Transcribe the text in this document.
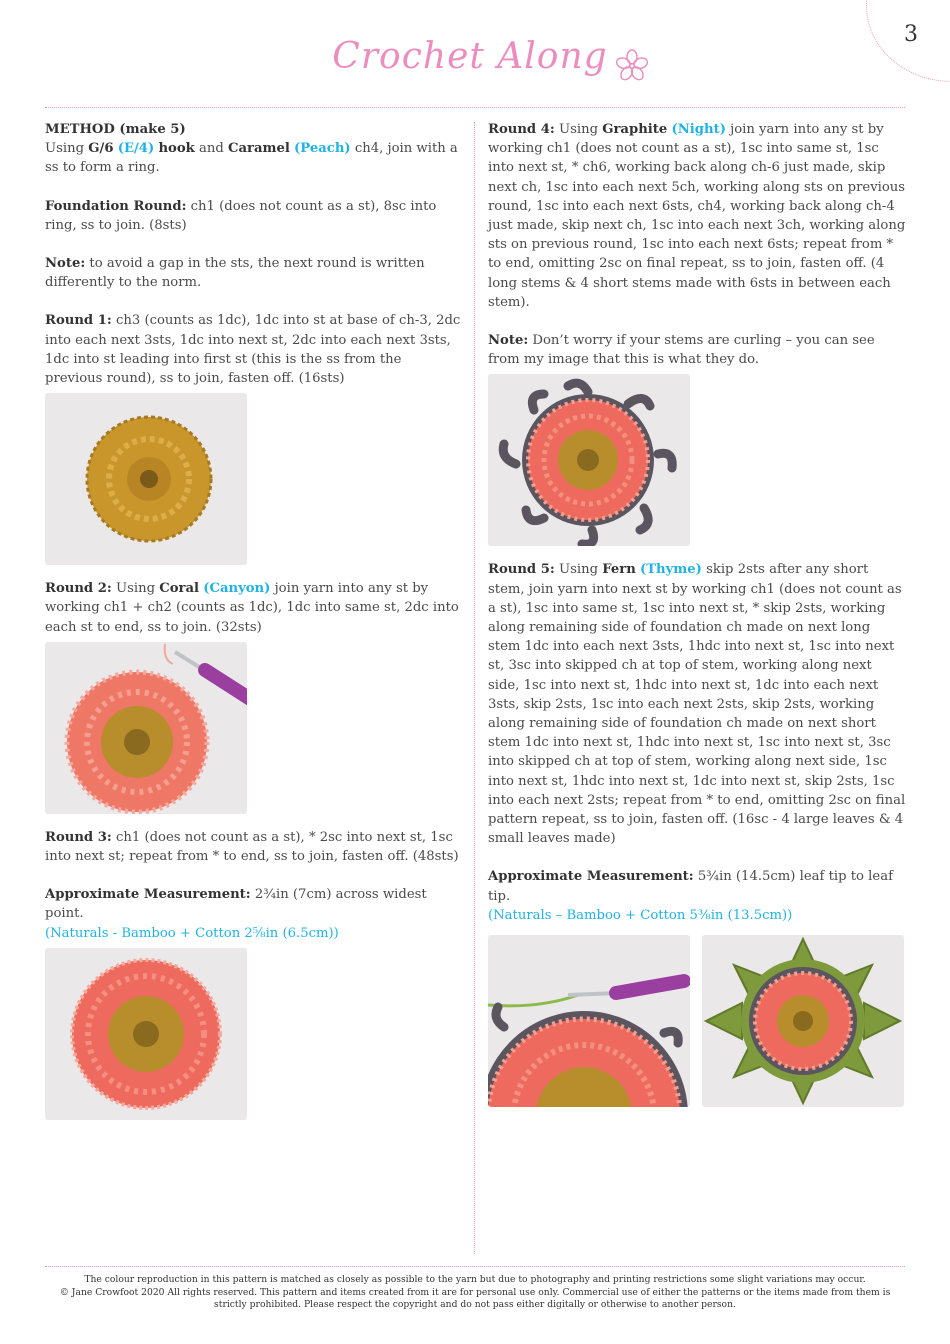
3
Crochet Along

METHOD (make 5)
Using G/6 (E/4) hook and Caramel (Peach) ch4, join with a ss to form a ring.

Foundation Round: ch1 (does not count as a st), 8sc into ring, ss to join. (8sts)

Note: to avoid a gap in the sts, the next round is written differently to the norm.

Round 1: ch3 (counts as 1dc), 1dc into st at base of ch-3, 2dc into each next 3sts, 1dc into next st, 2dc into each next 3sts, 1dc into st leading into first st (this is the ss from the previous round), ss to join, fasten off. (16sts)

Round 2: Using Coral (Canyon) join yarn into any st by working ch1 + ch2 (counts as 1dc), 1dc into same st, 2dc into each st to end, ss to join. (32sts)

Round 3: ch1 (does not count as a st), * 2sc into next st, 1sc into next st; repeat from * to end, ss to join, fasten off. (48sts)

Approximate Measurement: 2¾in (7cm) across widest point.
(Naturals - Bamboo + Cotton 2⅝in (6.5cm))

Round 4: Using Graphite (Night) join yarn into any st by working ch1 (does not count as a st), 1sc into same st, 1sc into next st, * ch6, working back along ch-6 just made, skip next ch, 1sc into each next 5ch, working along sts on previous round, 1sc into each next 6sts, ch4, working back along ch-4 just made, skip next ch, 1sc into each next 3ch, working along sts on previous round, 1sc into each next 6sts; repeat from * to end, omitting 2sc on final repeat, ss to join, fasten off. (4 long stems & 4 short stems made with 6sts in between each stem).

Note: Don’t worry if your stems are curling – you can see from my image that this is what they do.

Round 5: Using Fern (Thyme) skip 2sts after any short stem, join yarn into next st by working ch1 (does not count as a st), 1sc into same st, 1sc into next st, * skip 2sts, working along remaining side of foundation ch made on next long stem 1dc into each next 3sts, 1hdc into next st, 1sc into next st, 3sc into skipped ch at top of stem, working along next side, 1sc into next st, 1hdc into next st, 1dc into each next 3sts, skip 2sts, 1sc into each next 2sts, skip 2sts, working along remaining side of foundation ch made on next short stem 1dc into next st, 1hdc into next st, 1sc into next st, 3sc into skipped ch at top of stem, working along next side, 1sc into next st, 1hdc into next st, 1dc into next st, skip 2sts, 1sc into each next 2sts; repeat from * to end, omitting 2sc on final pattern repeat, ss to join, fasten off. (16sc - 4 large leaves & 4 small leaves made)

Approximate Measurement: 5¾in (14.5cm) leaf tip to leaf tip.
(Naturals – Bamboo + Cotton 5⅜in (13.5cm))

The colour reproduction in this pattern is matched as closely as possible to the yarn but due to photography and printing restrictions some slight variations may occur.
© Jane Crowfoot 2020 All rights reserved. This pattern and items created from it are for personal use only. Commercial use of either the patterns or the items made from them is
strictly prohibited. Please respect the copyright and do not pass either digitally or otherwise to another person.
